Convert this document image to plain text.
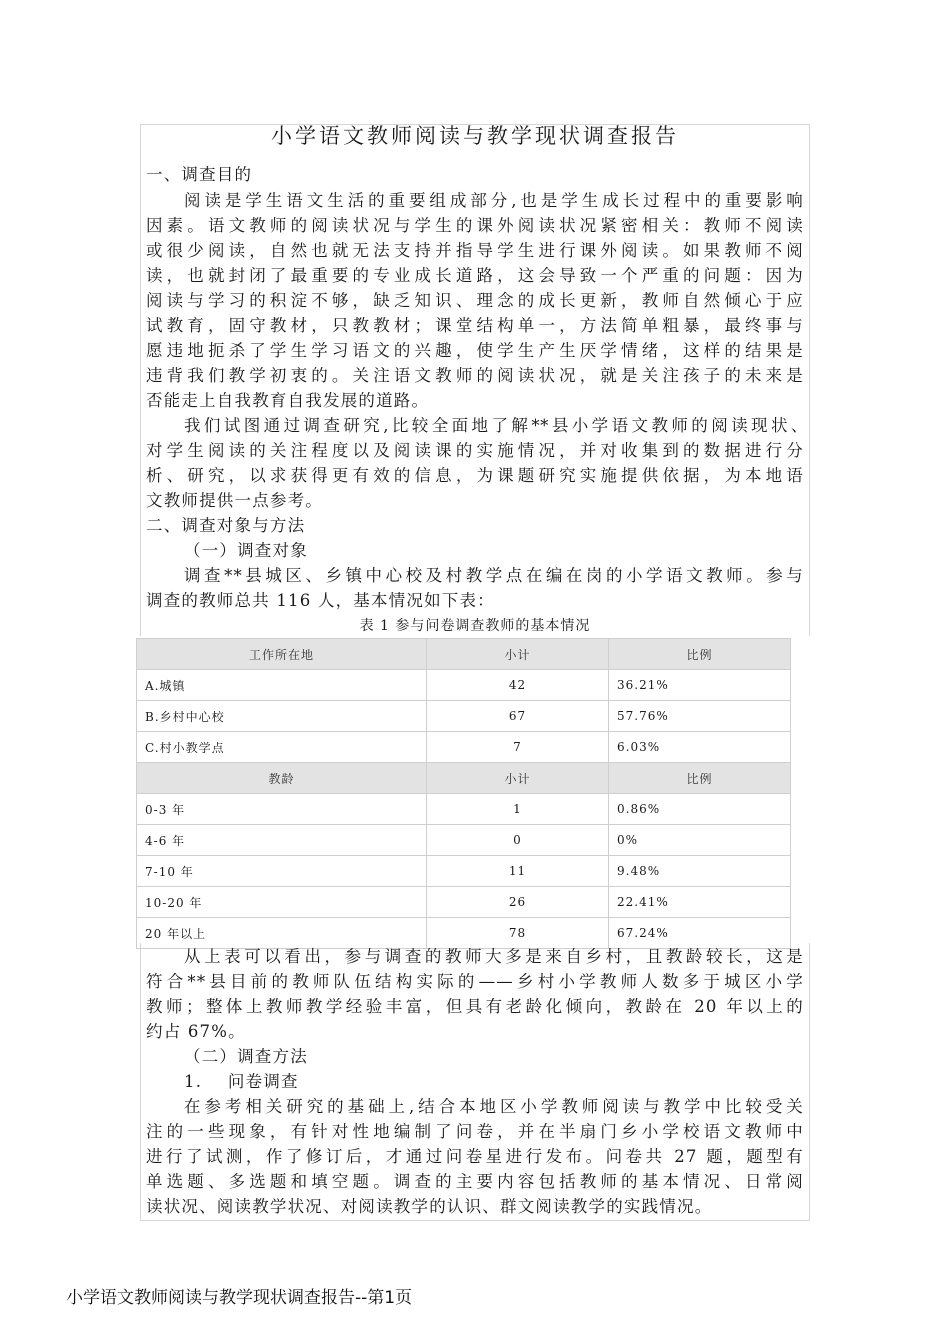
小学语文教师阅读与教学现状调查报告
一、调查目的
阅读是学生语文生活的重要组成部分,也是学生成长过程中的重要影响
因素。语文教师的阅读状况与学生的课外阅读状况紧密相关：教师不阅读
或很少阅读，自然也就无法支持并指导学生进行课外阅读。如果教师不阅
读，也就封闭了最重要的专业成长道路，这会导致一个严重的问题：因为
阅读与学习的积淀不够，缺乏知识、理念的成长更新，教师自然倾心于应
试教育，固守教材，只教教材；课堂结构单一，方法简单粗暴，最终事与
愿违地扼杀了学生学习语文的兴趣，使学生产生厌学情绪，这样的结果是
违背我们教学初衷的。关注语文教师的阅读状况，就是关注孩子的未来是
否能走上自我教育自我发展的道路。
我们试图通过调查研究,比较全面地了解**县小学语文教师的阅读现状、
对学生阅读的关注程度以及阅读课的实施情况，并对收集到的数据进行分
析、研究，以求获得更有效的信息，为课题研究实施提供依据，为本地语
文教师提供一点参考。
二、调查对象与方法
（一）调查对象
调查**县城区、乡镇中心校及村教学点在编在岗的小学语文教师。参与
调查的教师总共 116 人，基本情况如下表：
表 1 参与问卷调查教师的基本情况
工作所在地	小计	比例
A.城镇	42	36.21%
B.乡村中心校	67	57.76%
C.村小教学点	7	6.03%
教龄	小计	比例
0-3 年	1	0.86%
4-6 年	0	0%
7-10 年	11	9.48%
10-20 年	26	22.41%
20 年以上	78	67.24%
从上表可以看出，参与调查的教师大多是来自乡村，且教龄较长，这是
符合**县目前的教师队伍结构实际的——乡村小学教师人数多于城区小学
教师；整体上教师教学经验丰富，但具有老龄化倾向，教龄在 20 年以上的
约占 67%。
（二）调查方法
1.    问卷调查
在参考相关研究的基础上,结合本地区小学教师阅读与教学中比较受关
注的一些现象，有针对性地编制了问卷，并在半扇门乡小学校语文教师中
进行了试测，作了修订后，才通过问卷星进行发布。问卷共 27 题，题型有
单选题、多选题和填空题。调查的主要内容包括教师的基本情况、日常阅
读状况、阅读教学状况、对阅读教学的认识、群文阅读教学的实践情况。
小学语文教师阅读与教学现状调查报告--第1页
